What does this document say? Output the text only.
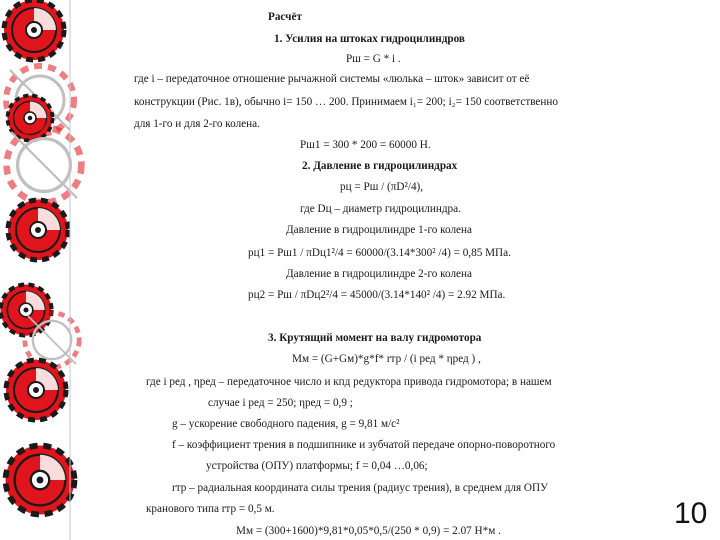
Расчёт
1. Усилия на штоках гидроцилиндров
Pш = G * i .
где i – передаточное отношение рычажной системы «люлька – шток» зависит от её
конструкции (Рис. 1в), обычно i= 150 … 200. Принимаем i₁= 200; i₂= 150 соответственно
для 1-го и для 2-го колена.
Pш1 = 300 * 200 = 60000 Н.
2. Давление в гидроцилиндрах
pц = Pш / (πD²/4),
где Dц – диаметр гидроцилиндра.
Давление в гидроцилиндре 1-го колена
pц1 = Pш1 / πDц1²/4 = 60000/(3.14*300² /4) = 0,85 МПа.
Давление в гидроцилиндре 2-го колена
pц2 = Pш / πDц2²/4 = 45000/(3.14*140² /4) = 2.92 МПа.
3. Крутящий момент на валу гидромотора
Mм = (G+Gм)*g*f* rтр / (i ред * ηред ) ,
где i ред , ηред – передаточное число и кпд редуктора привода гидромотора; в нашем
случае i ред = 250; ηред = 0,9 ;
g – ускорение свободного падения, g = 9,81 м/с²
f – коэффициент трения в подшипнике и зубчатой передаче опорно-поворотного
устройства (ОПУ) платформы; f = 0,04 …0,06;
rтр – радиальная координата силы трения (радиус трения), в среднем для ОПУ
кранового типа rтр = 0,5 м.
Mм = (300+1600)*9,81*0,05*0,5/(250 * 0,9) = 2.07 Н*м .
10
